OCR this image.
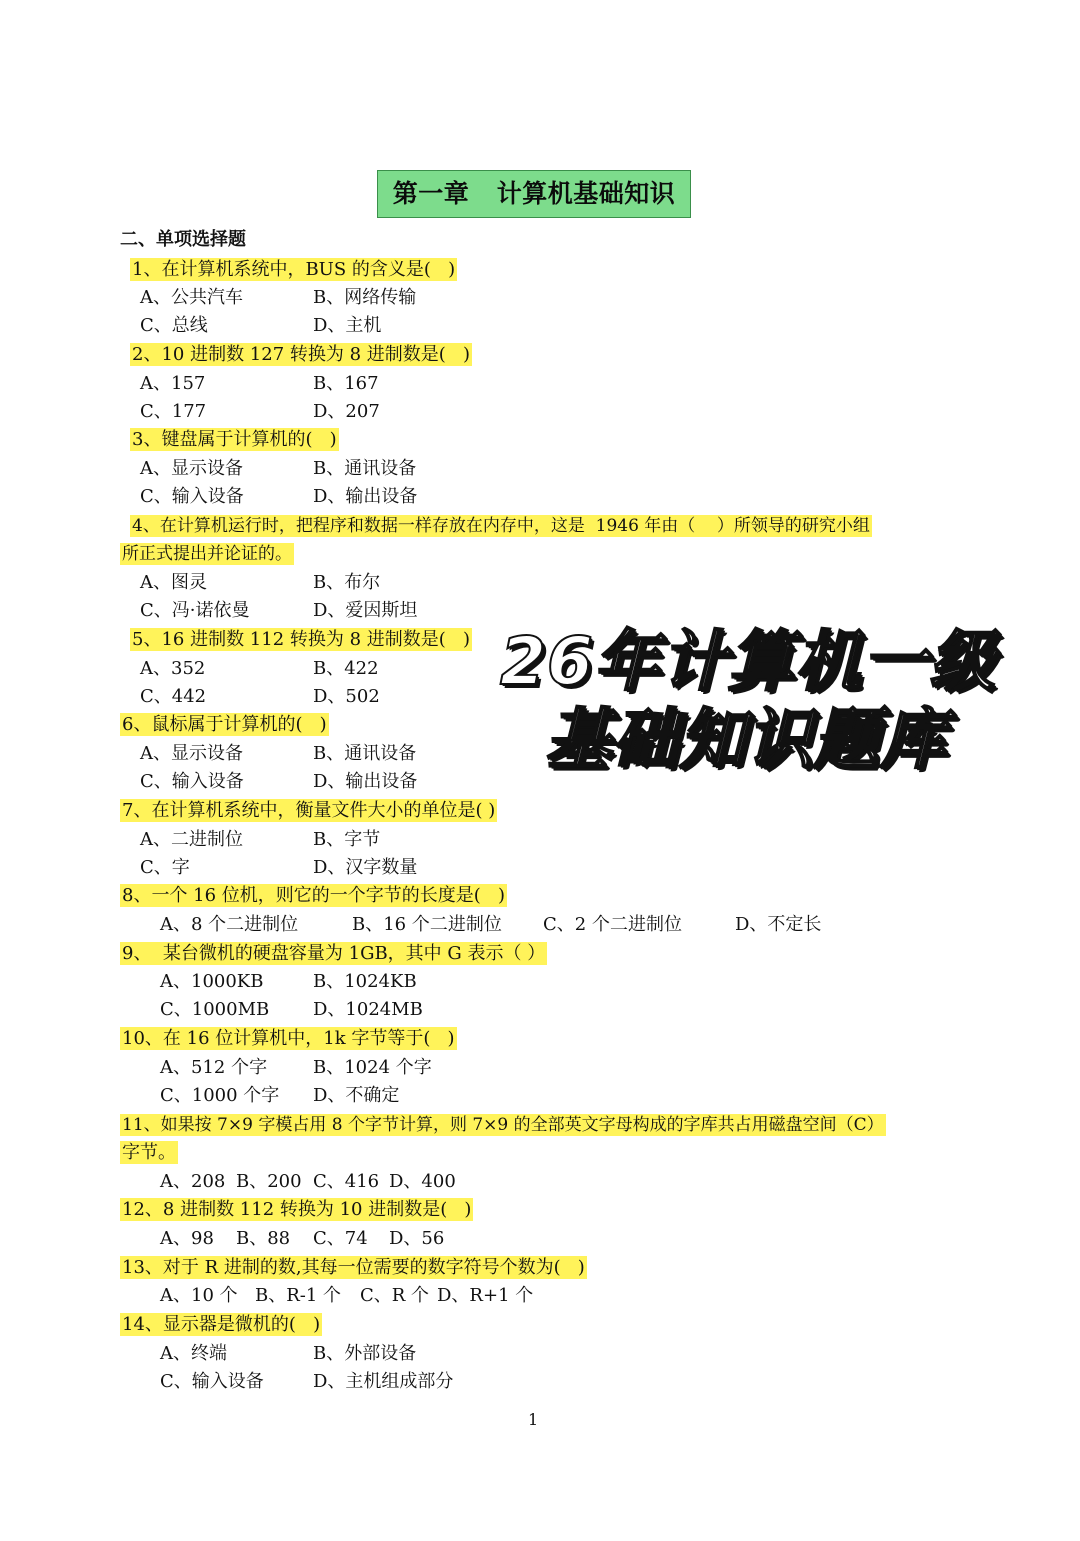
第一章   计算机基础知识
二、单项选择题
1、在计算机系统中，BUS 的含义是(   )
A、公共汽车	B、网络传输
C、总线	D、主机
2、10 进制数 127 转换为 8 进制数是(   )
A、157	B、167
C、177	D、207
3、键盘属于计算机的(   )
A、显示设备	B、通讯设备
C、输入设备	D、输出设备
4、在计算机运行时，把程序和数据一样存放在内存中，这是  1946 年由（    ）所领导的研究小组
所正式提出并论证的。
A、图灵	B、布尔
C、冯·诺依曼	D、爱因斯坦
5、16 进制数 112 转换为 8 进制数是(   )
A、352	B、422
C、442	D、502
6、鼠标属于计算机的(   )
A、显示设备	B、通讯设备
C、输入设备	D、输出设备
7、在计算机系统中，衡量文件大小的单位是( )
A、二进制位	B、字节
C、字	D、汉字数量
8、一个 16 位机，则它的一个字节的长度是(   )
A、8 个二进制位	B、16 个二进制位 C、2 个二进制位	D、不定长
9、  某台微机的硬盘容量为 1GB，其中 G 表示（ ）
A、1000KB	B、1024KB
C、1000MB D、1024MB
10、在 16 位计算机中，1k 字节等于(   )
A、512 个字	B、1024 个字
C、1000 个字 D、不确定
11、如果按 7×9 字模占用 8 个字节计算，则 7×9 的全部英文字母构成的字库共占用磁盘空间（C）
字节。
A、208 B、200 C、416 D、400
12、8 进制数 112 转换为 10 进制数是(   )
A、98 B、88 C、74 D、56
13、对于 R 进制的数,其每一位需要的数字符号个数为(   )
A、10 个 B、R-1 个 C、R 个 D、R+1 个
14、显示器是微机的(   )
A、终端	B、外部设备
C、输入设备	D、主机组成部分
1
26年计算机一级
基础知识题库
